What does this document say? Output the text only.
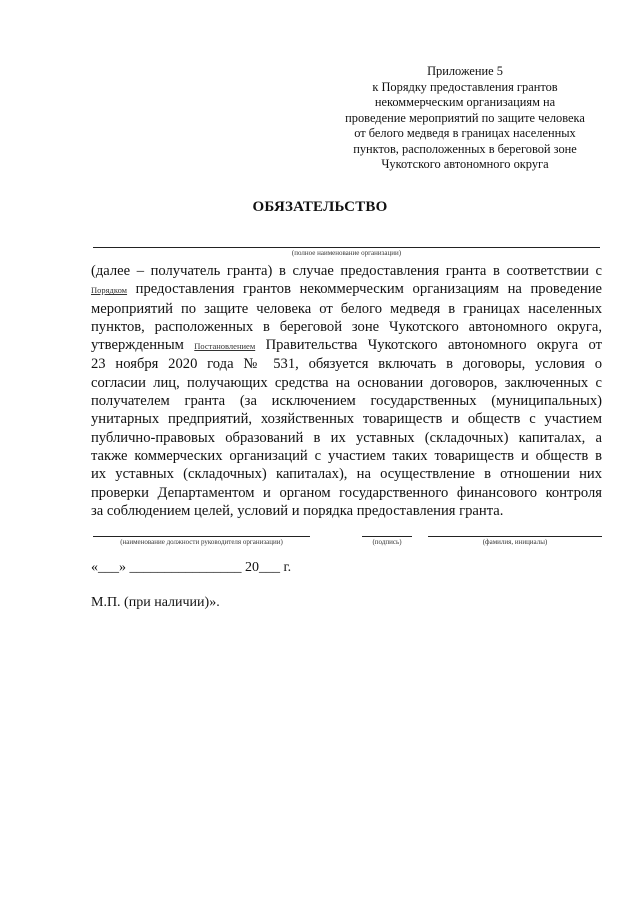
Приложение 5
к Порядку предоставления грантов
некоммерческим организациям на
проведение мероприятий по защите человека
от белого медведя в границах населенных
пунктов, расположенных в береговой зоне
Чукотского автономного округа
ОБЯЗАТЕЛЬСТВО
(полное наименование организации)
(далее – получатель гранта) в случае предоставления гранта в соответствии с
Порядком предоставления грантов некоммерческим организациям на проведение
мероприятий по защите человека от белого медведя в границах населенных
пунктов, расположенных в береговой зоне Чукотского автономного округа,
утвержденным Постановлением Правительства Чукотского автономного округа от
23 ноября 2020 года № 531, обязуется включать в договоры, условия о
согласии лиц, получающих средства на основании договоров, заключенных с
получателем гранта (за исключением государственных (муниципальных)
унитарных предприятий, хозяйственных товариществ и обществ с участием
публично-правовых образований в их уставных (складочных) капиталах, а
также коммерческих организаций с участием таких товариществ и обществ в
их уставных (складочных) капиталах), на осуществление в отношении них
проверки Департаментом и органом государственного финансового контроля
за соблюдением целей, условий и порядка предоставления гранта.
(наименование должности руководителя организации)	(подпись)	(фамилия, инициалы)
«___» ________________ 20___ г.
М.П. (при наличии)».
